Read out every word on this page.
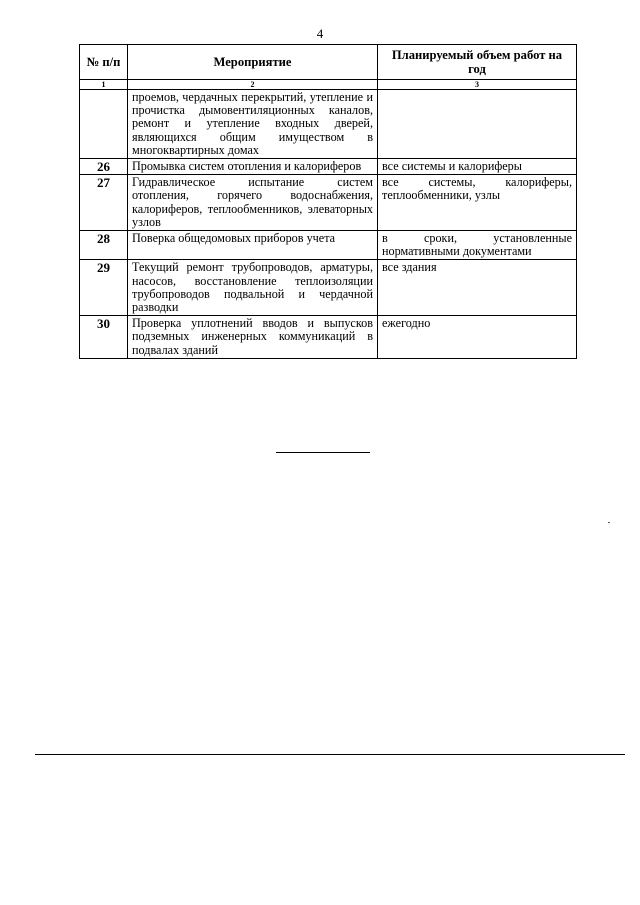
4
№ п/п	Мероприятие	Планируемый объем работ на год
1	2	3
	проемов, чердачных перекрытий, утепление и прочистка дымовентиляционных каналов, ремонт и утепление входных дверей, являющихся общим имуществом в многоквартирных домах	
26	Промывка систем отопления и калориферов	все системы и калориферы
27	Гидравлическое испытание систем отопления, горячего водоснабжения, калориферов, теплообменников, элеваторных узлов	все системы, калориферы, теплообменники, узлы
28	Поверка общедомовых приборов учета	в сроки, установленные нормативными документами
29	Текущий ремонт трубопроводов, арматуры, насосов, восстановление теплоизоляции трубопроводов подвальной и чердачной разводки	все здания
30	Проверка уплотнений вводов и выпусков подземных инженерных коммуникаций в подвалах зданий	ежегодно
